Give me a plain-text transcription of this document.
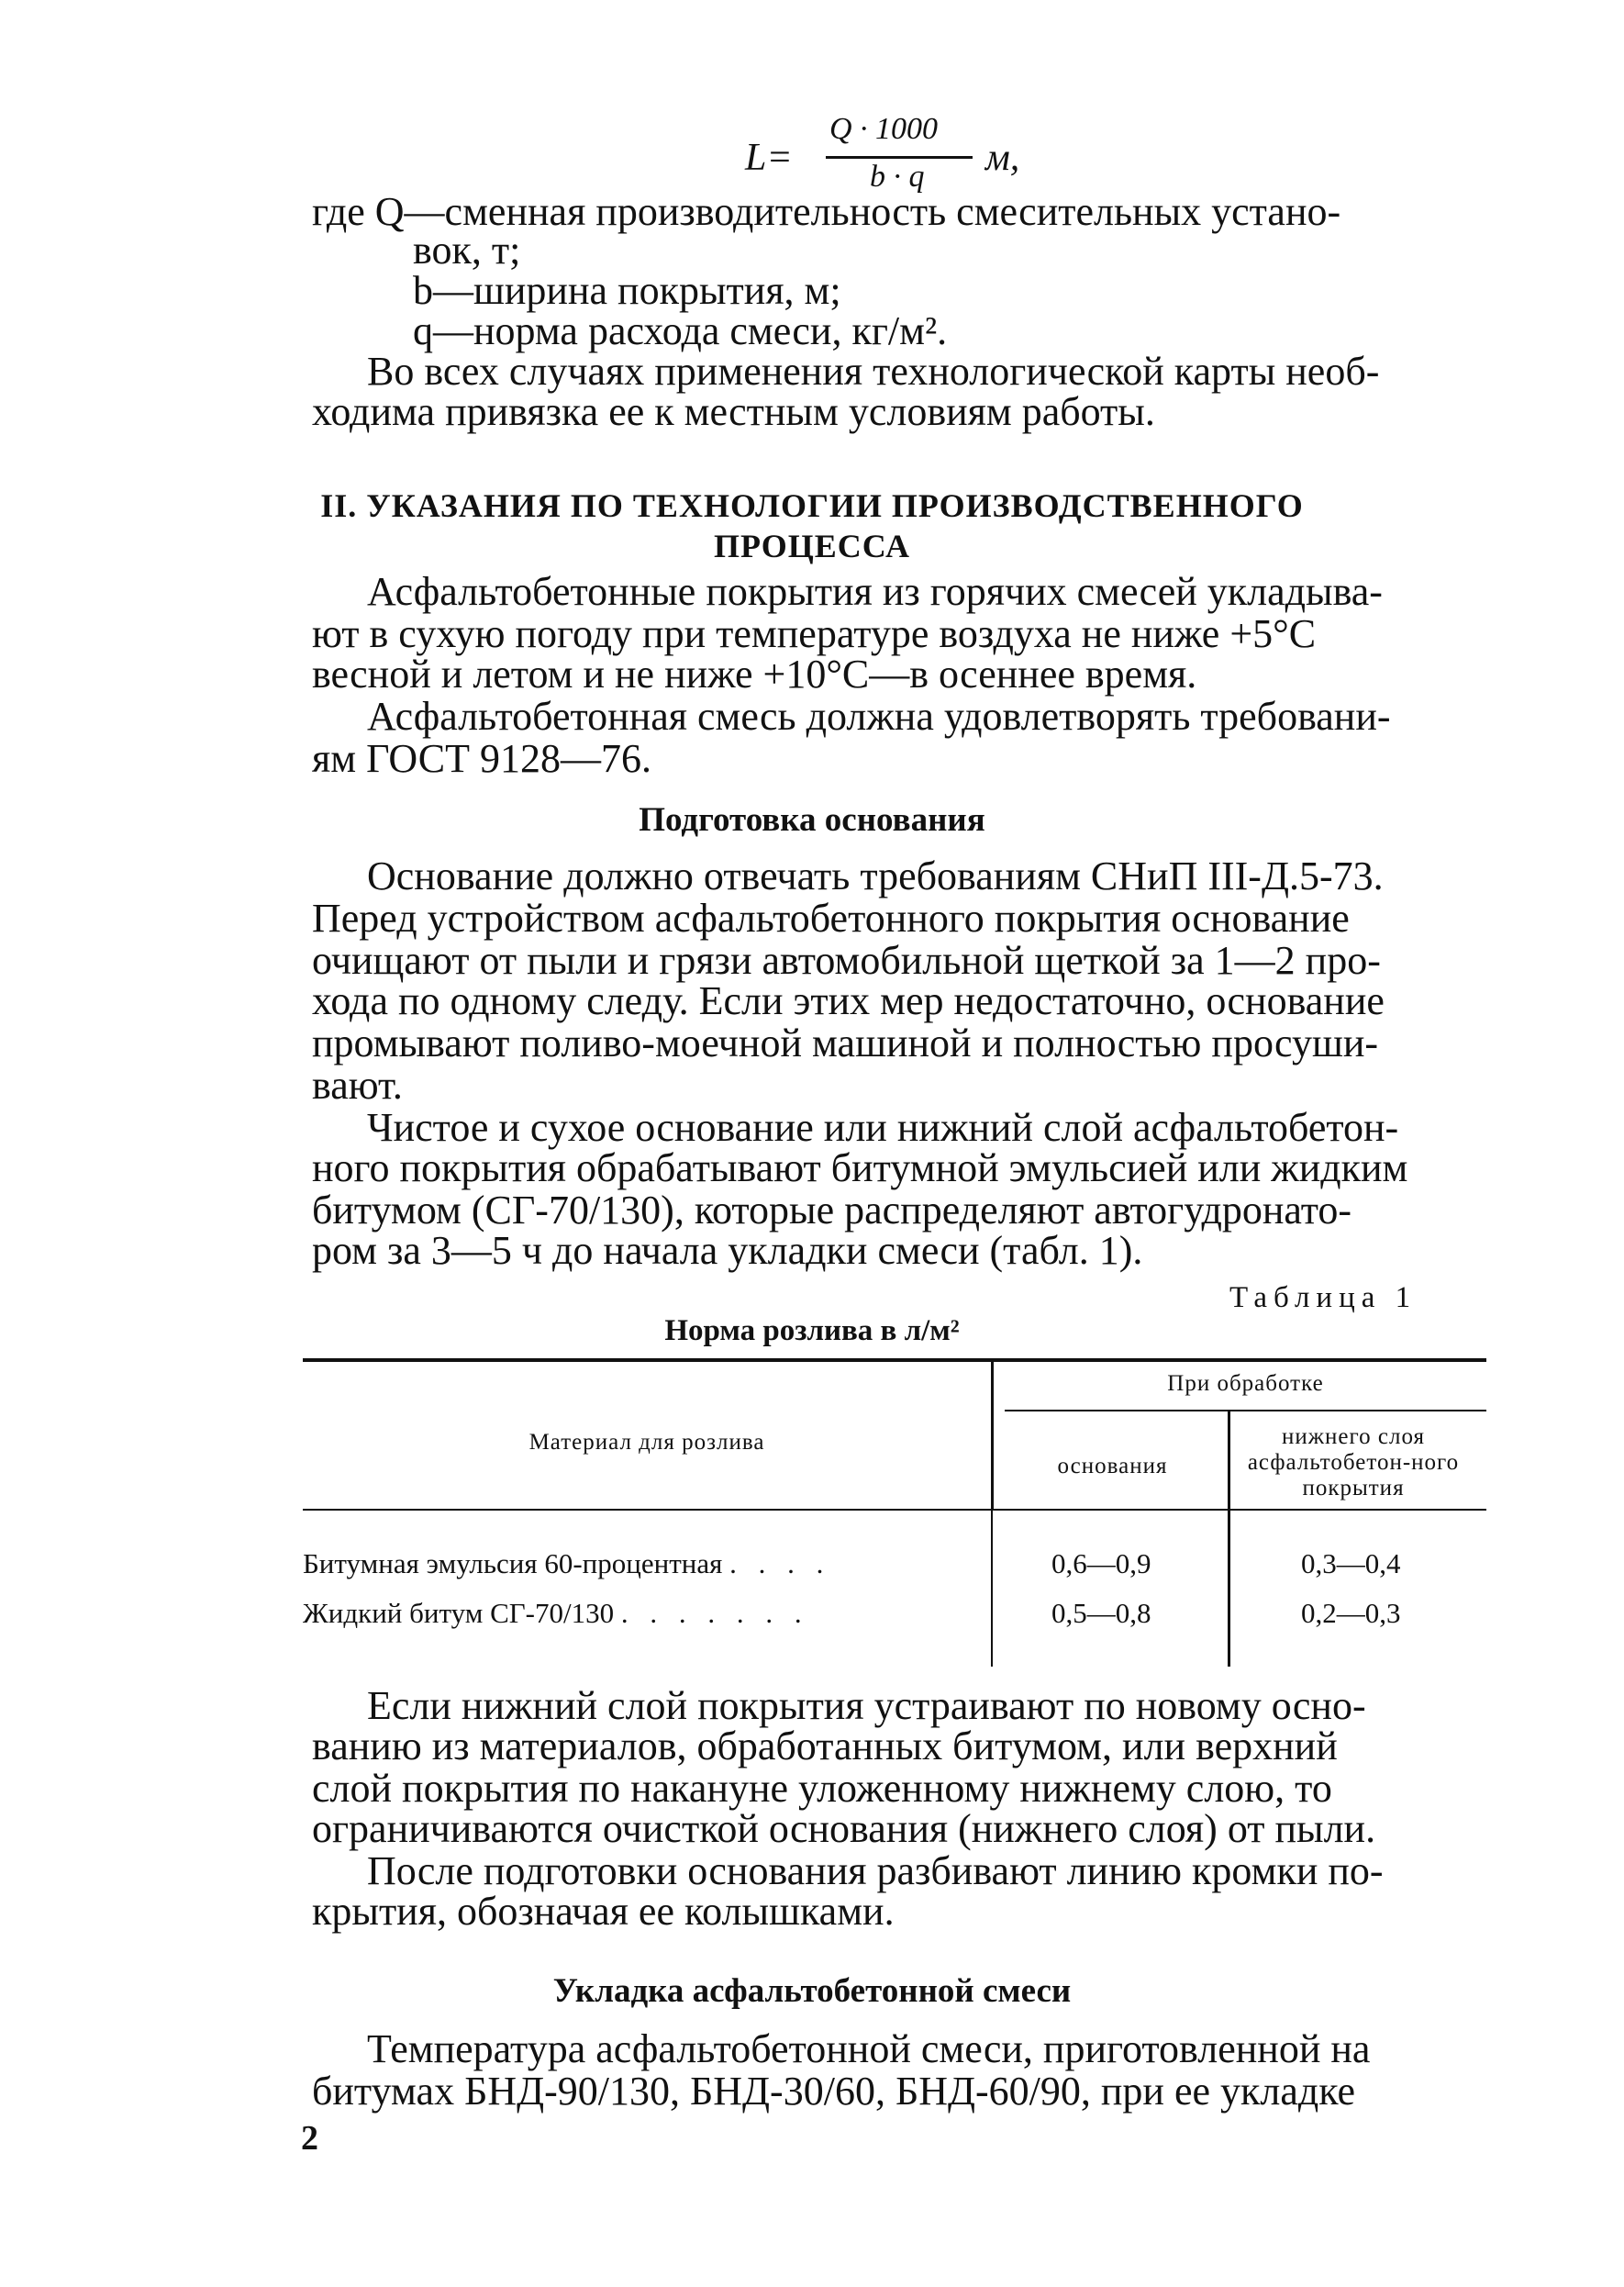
L=
Q · 1000
b · q м,
где Q—сменная производительность смесительных устано-
вок, т;
b—ширина покрытия, м;
q—норма расхода смеси, кг/м².
Во всех случаях применения технологической карты необ-
ходима привязка ее к местным условиям работы.
II. УКАЗАНИЯ ПО ТЕХНОЛОГИИ ПРОИЗВОДСТВЕННОГО
ПРОЦЕССА
Асфальтобетонные покрытия из горячих смесей укладыва-
ют в сухую погоду при температуре воздуха не ниже +5°С
весной и летом и не ниже +10°С—в осеннее время.
Асфальтобетонная смесь должна удовлетворять требовани-
ям ГОСТ 9128—76.
Подготовка основания
Основание должно отвечать требованиям СНиП III-Д.5-73.
Перед устройством асфальтобетонного покрытия основание
очищают от пыли и грязи автомобильной щеткой за 1—2 про-
хода по одному следу. Если этих мер недостаточно, основание
промывают поливо-моечной машиной и полностью просуши-
вают.
Чистое и сухое основание или нижний слой асфальтобетон-
ного покрытия обрабатывают битумной эмульсией или жидким
битумом (СГ-70/130), которые распределяют автогудронато-
ром за 3—5 ч до начала укладки смеси (табл. 1).
Таблица 1
Норма розлива в л/м²
Материал для розлива
При обработке
основания
нижнего слоя асфальтобетон-ного покрытия
Битумная эмульсия 60-процентная . . . .	0,6—0,9	0,3—0,4
Жидкий битум СГ-70/130 . . . . . . .	0,5—0,8	0,2—0,3
Если нижний слой покрытия устраивают по новому осно-
ванию из материалов, обработанных битумом, или верхний
слой покрытия по накануне уложенному нижнему слою, то
ограничиваются очисткой основания (нижнего слоя) от пыли.
После подготовки основания разбивают линию кромки по-
крытия, обозначая ее колышками.
Укладка асфальтобетонной смеси
Температура асфальтобетонной смеси, приготовленной на
битумах БНД-90/130, БНД-30/60, БНД-60/90, при ее укладке
2
